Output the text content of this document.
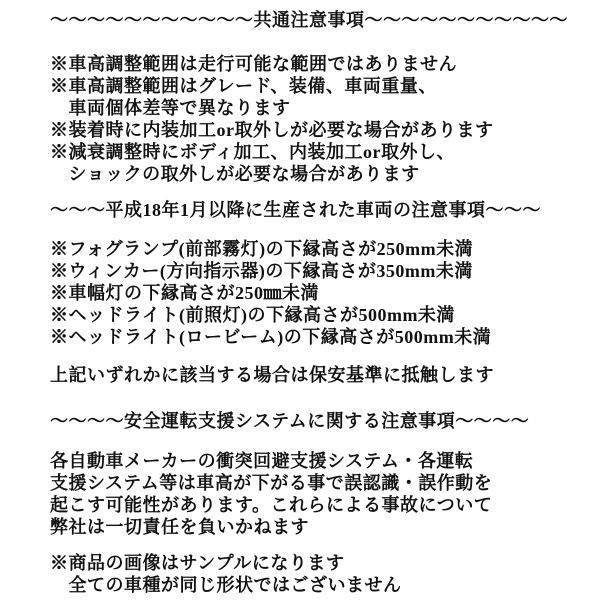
～～～～～～～～～～～共通注意事項～～～～～～～～～～～
※車高調整範囲は走行可能な範囲ではありません
※車高調整範囲はグレード、装備、車両重量、
　車両個体差等で異なります
※装着時に内装加工or取外しが必要な場合があります
※減衰調整時にボディ加工、内装加工or取外し、
　ショックの取外しが必要な場合があります
～～～平成18年1月以降に生産された車両の注意事項～～～
※フォグランプ(前部霧灯)の下縁高さが250mm未満
※ウィンカー(方向指示器)の下縁高さが350mm未満
※車幅灯の下縁高さが250㎜未満
※ヘッドライト(前照灯)の下縁高さが500mm未満
※ヘッドライト(ロービーム)の下縁高さが500mm未満
上記いずれかに該当する場合は保安基準に抵触します
～～～～安全運転支援システムに関する注意事項～～～～
各自動車メーカーの衝突回避支援システム・各運転
支援システム等は車高が下がる事で誤認識・誤作動を
起こす可能性があります。これらによる事故について
弊社は一切責任を負いかねます
※商品の画像はサンプルになります
　全ての車種が同じ形状ではございません
